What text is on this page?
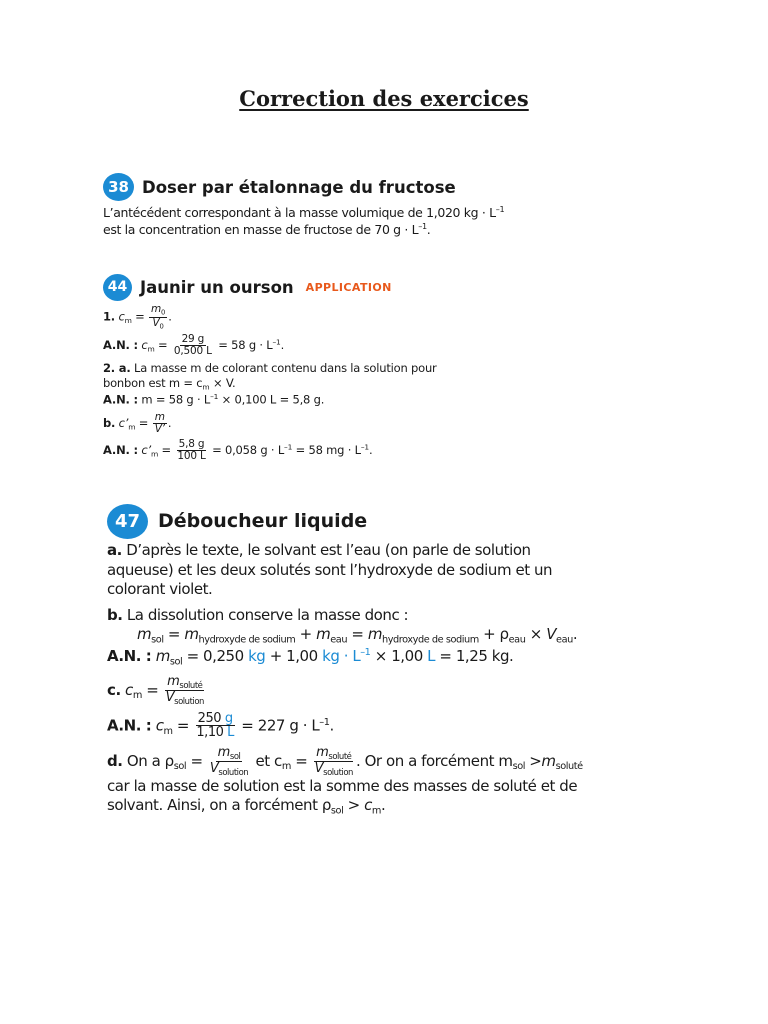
Correction des exercices
38 Doser par étalonnage du fructose
L’antécédent correspondant à la masse volumique de 1,020 kg · $L^{-1}$
est la concentration en masse de fructose de 70 $g \cdot L^{-1}$.
44 Jaunir un ourson APPLICATION
1. $c_m = \frac{m_0}{V_0}$ .
A.N. : $c_m = \frac{29 g}{0,500 L} = 58$ $g \cdot L^{-1}$.
2. a. La masse m de colorant contenu dans la solution pour
bonbon est $m = c_m \times V$.
A.N. : m = 58 $g \cdot L^{-1} \times 0,100$ L = 5,8 g.
b. $c’_m = \frac{m}{V’}$ .
A.N. : $c’_m = \frac{5,8 g}{100 L} = 0,058$ $g \cdot L^{-1} = 58$ mg · $L^{-1}$.
47 Déboucheur liquide
a. D’après le texte, le solvant est l’eau (on parle de solution
aqueuse) et les deux solutés sont l’hydroxyde de sodium et un
colorant violet.
b. La dissolution conserve la masse donc :
$m_{sol} = m_{hydroxyde de sodium} + m_{eau} = m_{hydroxyde de sodium} + \rho_{eau} \times V_{eau}$.
A.N. : $m_{sol} = 0,250$ kg + 1,00 kg · $L^{-1} \times 1,00$ L = 1,25 kg.
c. $c_m = \frac{m_{soluté}}{V_{solution}}$
A.N. : $c_m = \frac{250 g}{1,10 L} = 227$ $g \cdot L^{-1}$.
d. On a $\rho_{sol} = \frac{m_{sol}}{V_{solution}}$ et $c_m = \frac{m_{soluté}}{V_{solution}}$ . Or on a forcément $m_{sol} >m_{soluté}$
car la masse de solution est la somme des masses de soluté et de
solvant. Ainsi, on a forcément $\rho_{sol} > c_m$.
